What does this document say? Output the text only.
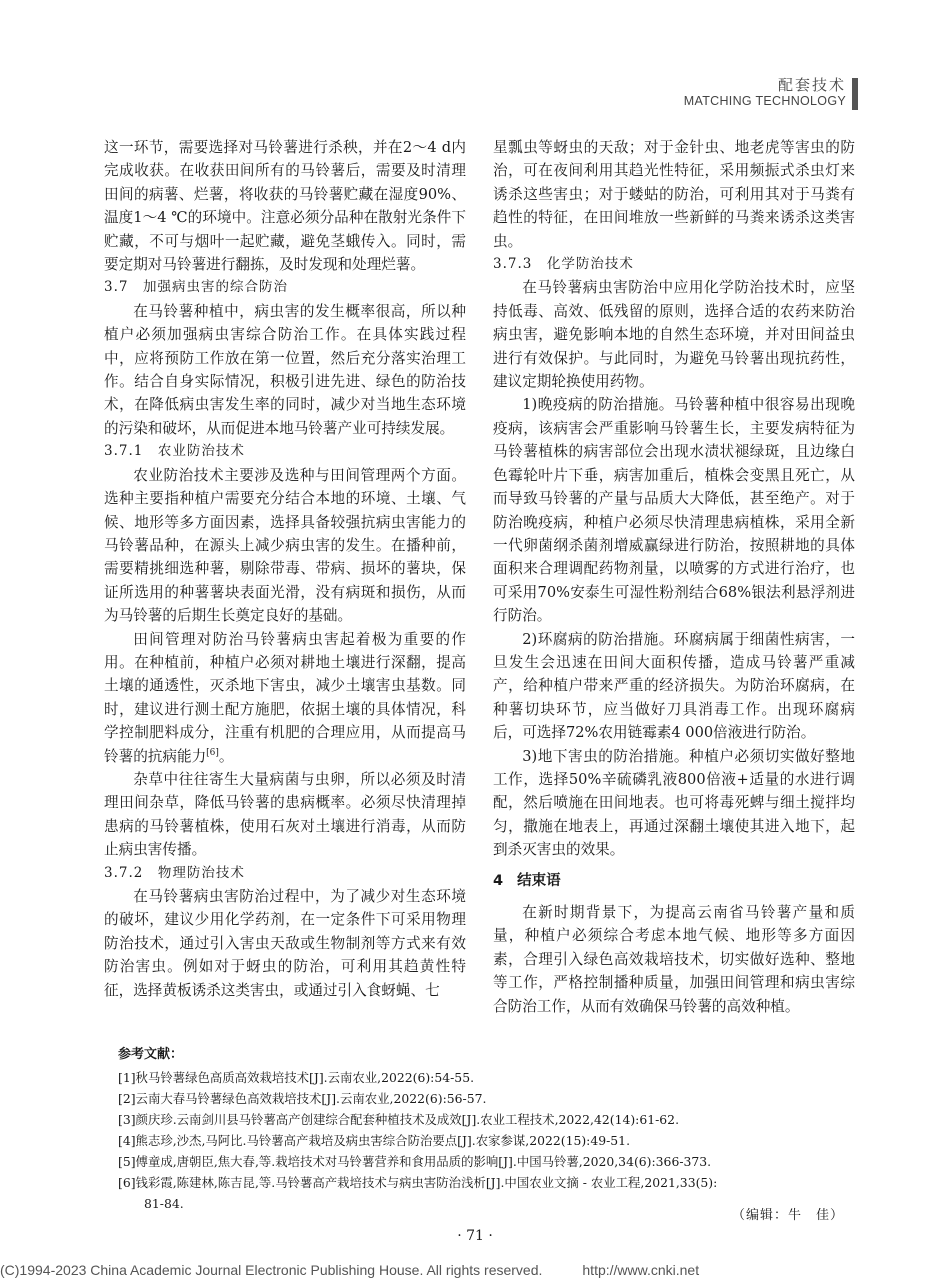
配套技术
MATCHING TECHNOLOGY

这一环节，需要选择对马铃薯进行杀秧，并在2～4 d内完成收获。在收获田间所有的马铃薯后，需要及时清理田间的病薯、烂薯，将收获的马铃薯贮藏在湿度90%、温度1～4 ℃的环境中。注意必须分品种在散射光条件下贮藏，不可与烟叶一起贮藏，避免茎蛾传入。同时，需要定期对马铃薯进行翻拣，及时发现和处理烂薯。

3.7　加强病虫害的综合防治

在马铃薯种植中，病虫害的发生概率很高，所以种植户必须加强病虫害综合防治工作。在具体实践过程中，应将预防工作放在第一位置，然后充分落实治理工作。结合自身实际情况，积极引进先进、绿色的防治技术，在降低病虫害发生率的同时，减少对当地生态环境的污染和破坏，从而促进本地马铃薯产业可持续发展。

3.7.1　农业防治技术

农业防治技术主要涉及选种与田间管理两个方面。选种主要指种植户需要充分结合本地的环境、土壤、气候、地形等多方面因素，选择具备较强抗病虫害能力的马铃薯品种，在源头上减少病虫害的发生。在播种前，需要精挑细选种薯，剔除带毒、带病、损坏的薯块，保证所选用的种薯薯块表面光滑，没有病斑和损伤，从而为马铃薯的后期生长奠定良好的基础。

田间管理对防治马铃薯病虫害起着极为重要的作用。在种植前，种植户必须对耕地土壤进行深翻，提高土壤的通透性，灭杀地下害虫，减少土壤害虫基数。同时，建议进行测土配方施肥，依据土壤的具体情况，科学控制肥料成分，注重有机肥的合理应用，从而提高马铃薯的抗病能力[6]。

杂草中往往寄生大量病菌与虫卵，所以必须及时清理田间杂草，降低马铃薯的患病概率。必须尽快清理掉患病的马铃薯植株，使用石灰对土壤进行消毒，从而防止病虫害传播。

3.7.2　物理防治技术

在马铃薯病虫害防治过程中，为了减少对生态环境的破坏，建议少用化学药剂，在一定条件下可采用物理防治技术，通过引入害虫天敌或生物制剂等方式来有效防治害虫。例如对于蚜虫的防治，可利用其趋黄性特征，选择黄板诱杀这类害虫，或通过引入食蚜蝇、七

星瓢虫等蚜虫的天敌；对于金针虫、地老虎等害虫的防治，可在夜间利用其趋光性特征，采用频振式杀虫灯来诱杀这些害虫；对于蝼蛄的防治，可利用其对于马粪有趋性的特征，在田间堆放一些新鲜的马粪来诱杀这类害虫。

3.7.3　化学防治技术

在马铃薯病虫害防治中应用化学防治技术时，应坚持低毒、高效、低残留的原则，选择合适的农药来防治病虫害，避免影响本地的自然生态环境，并对田间益虫进行有效保护。与此同时，为避免马铃薯出现抗药性，建议定期轮换使用药物。

1)晚疫病的防治措施。马铃薯种植中很容易出现晚疫病，该病害会严重影响马铃薯生长，主要发病特征为马铃薯植株的病害部位会出现水渍状褪绿斑，且边缘白色霉轮叶片下垂，病害加重后，植株会变黑且死亡，从而导致马铃薯的产量与品质大大降低，甚至绝产。对于防治晚疫病，种植户必须尽快清理患病植株，采用全新一代卵菌纲杀菌剂增威赢绿进行防治，按照耕地的具体面积来合理调配药物剂量，以喷雾的方式进行治疗，也可采用70%安泰生可湿性粉剂结合68%银法利悬浮剂进行防治。

2)环腐病的防治措施。环腐病属于细菌性病害，一旦发生会迅速在田间大面积传播，造成马铃薯严重减产，给种植户带来严重的经济损失。为防治环腐病，在种薯切块环节，应当做好刀具消毒工作。出现环腐病后，可选择72%农用链霉素4 000倍液进行防治。

3)地下害虫的防治措施。种植户必须切实做好整地工作，选择50%辛硫磷乳液800倍液+适量的水进行调配，然后喷施在田间地表。也可将毒死蜱与细土搅拌均匀，撒施在地表上，再通过深翻土壤使其进入地下，起到杀灭害虫的效果。

4 结束语

在新时期背景下，为提高云南省马铃薯产量和质量，种植户必须综合考虑本地气候、地形等多方面因素，合理引入绿色高效栽培技术，切实做好选种、整地等工作，严格控制播种质量，加强田间管理和病虫害综合防治工作，从而有效确保马铃薯的高效种植。

参考文献：
[1]秋马铃薯绿色高质高效栽培技术[J].云南农业,2022(6):54-55.
[2]云南大春马铃薯绿色高效栽培技术[J].云南农业,2022(6):56-57.
[3]颜庆珍.云南剑川县马铃薯高产创建综合配套种植技术及成效[J].农业工程技术,2022,42(14):61-62.
[4]熊志珍,沙杰,马阿比.马铃薯高产栽培及病虫害综合防治要点[J].农家参谋,2022(15):49-51.
[5]傅童成,唐朝臣,焦大春,等.栽培技术对马铃薯营养和食用品质的影响[J].中国马铃薯,2020,34(6):366-373.
[6]钱彩霞,陈建林,陈吉昆,等.马铃薯高产栽培技术与病虫害防治浅析[J].中国农业文摘 - 农业工程,2021,33(5):
81-84.
（编辑：牛　佳）
· 71 ·
(C)1994-2023 China Academic Journal Electronic Publishing House. All rights reserved.	http://www.cnki.net
